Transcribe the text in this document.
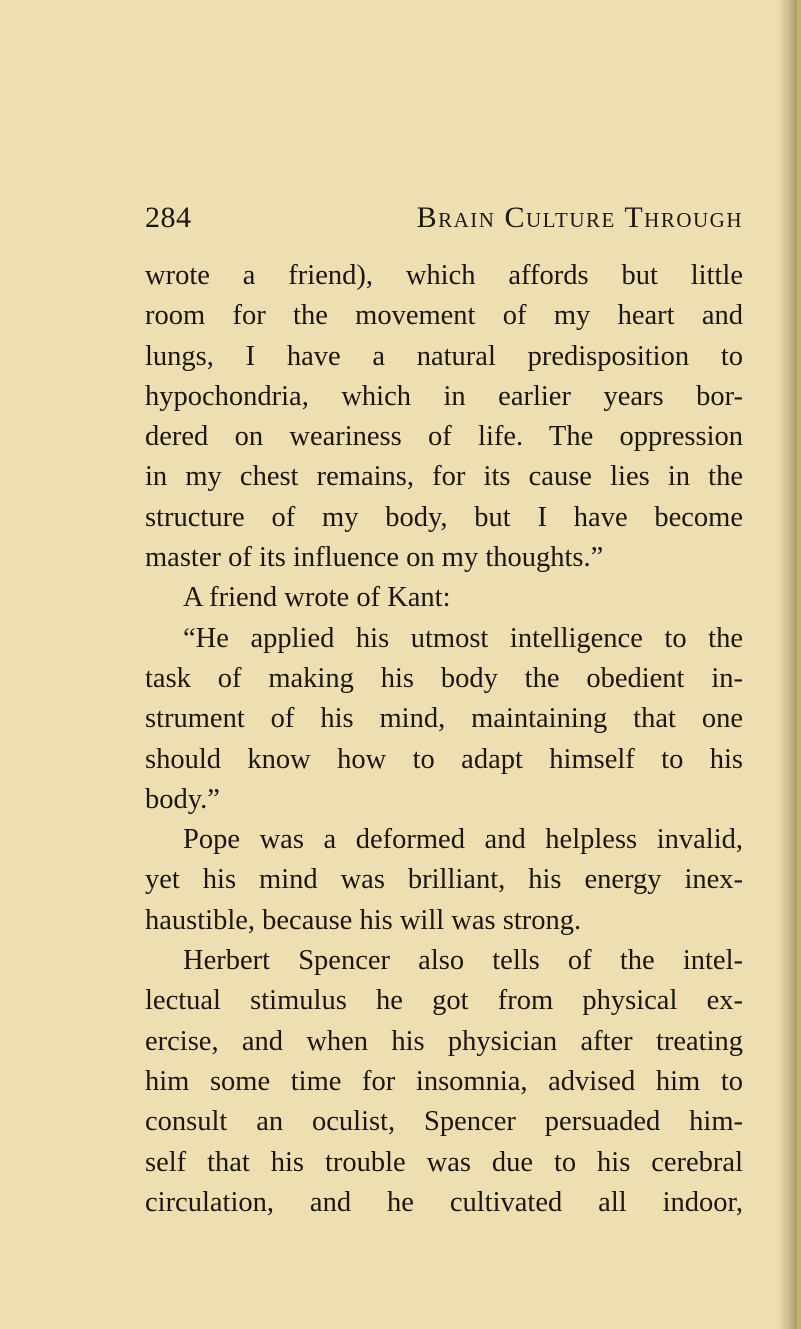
284	Brain Culture Through
wrote a friend), which affords but little
room for the movement of my heart and
lungs, I have a natural predisposition to
hypochondria, which in earlier years bor-
dered on weariness of life. The oppression
in my chest remains, for its cause lies in the
structure of my body, but I have become
master of its influence on my thoughts.”
A friend wrote of Kant:
“He applied his utmost intelligence to the
task of making his body the obedient in-
strument of his mind, maintaining that one
should know how to adapt himself to his
body.”
Pope was a deformed and helpless invalid,
yet his mind was brilliant, his energy inex-
haustible, because his will was strong.
Herbert Spencer also tells of the intel-
lectual stimulus he got from physical ex-
ercise, and when his physician after treating
him some time for insomnia, advised him to
consult an oculist, Spencer persuaded him-
self that his trouble was due to his cerebral
circulation, and he cultivated all indoor,
